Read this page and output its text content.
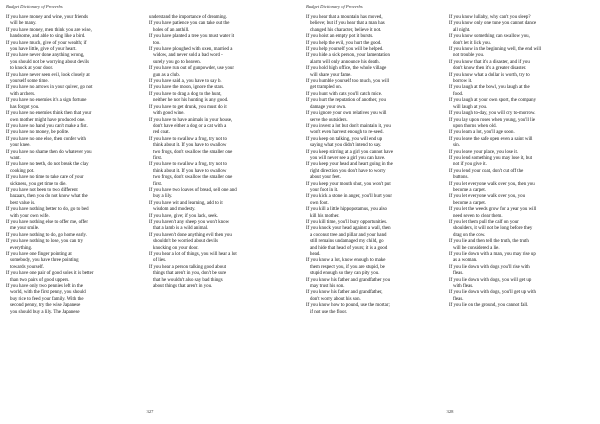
Budget Dictionary of Proverbs
If you have money and wine, your friends
will be many.
If you have money, men think you are wise,
handsome, and able to sing like a bird.
If you have much, give of your wealth; if
you have little, give of your heart.
If you have never done anything wrong,
you should not be worrying about devils
to knock at your door.
If you have never seen evil, look closely at
yourself some time.
If you have no arrows in your quiver, go not
with archers.
If you have no enemies it's a sign fortune
has forgot you.
If you have no enemies think then that your
own mother might have produced one.
If you have no hand you can't make a fist.
If you have no money, be polite.
If you have no one else, then confer with
your knee.
If you have no shame then do whatever you
want.
If you have no teeth, do not break the clay
cooking pot.
If you have no time to take care of your
sickness, you get time to die.
If you have not been to two different
bazaars, then you do not know what the
best value is.
If you have nothing better to do, go to bed
with your own wife.
If you have nothing else to offer me, offer
me your smile.
If you have nothing to do, go home early.
If you have nothing to lose, you can try
everything.
If you have one finger pointing at
somebody, you have three pointing
towards yourself.
If you have one pair of good soles it is better
than two pairs of good uppers.
If you have only two pennies left in the
world, with the first penny, you should
buy rice to feed your family. With the
second penny, try the wise Japanese
you should buy a lily. The Japanese
understand the importance of dreaming.
If you have patience you can take out the
holes of an anthill.
If you have planted a tree you must water it
too.
If you have ploughed with oxen, married a
widow, and never sold a bad word -
surely you go to heaven.
If you have run out of gunpowder, use your
gun as a club.
If you have said a, you have to say b.
If you have the moon, ignore the stars.
If you have to drag a dog to the hunt,
neither he nor his hunting is any good.
If you have to get drunk, you must do it
with good wine.
If you have to have animals in your house,
don't have either a dog or a cat with a
red coat.
If you have to swallow a frog, try not to
think about it. If you have to swallow
two frogs, don't swallow the smaller one
first.
If you have to swallow a frog, try not to
think about it. If you have to swallow
two frogs, don't swallow the smaller one
first.
If you have two loaves of bread, sell one and
buy a lily.
If you have wit and learning, add to it
wisdom and modesty.
If you have, give; if you lack, seek.
If you haven't any sheep you won't know
that a lamb is a wild animal.
If you haven't done anything evil then you
shouldn't be worried about devils
knocking on your door.
If you hear a lot of things, you will hear a lot
of lies.
If you hear a person talking good about
things that aren't in you, don't be sure
that he wouldn't also say bad things
about things that aren't in you.
327
Budget Dictionary of Proverbs
If you hear that a mountain has moved,
believe; but if you hear that a man has
changed his character, believe it not.
If you hoist an empty pot it bursts.
If you help the evil, you hurt the good.
If you help yourself you will be helped.
If you hide a sick person, your lamentation
alarm will only announce his death.
If you hold high office, the whole village
will share your fame.
If you humble yourself too much, you will
get trampled on.
If you hunt with cats you'll catch mice.
If you hurt the reputation of another, you
damage your own.
If you ignore your own relatives you will
serve the outsiders.
If you invest a lot but don't maintain it, you
won't even harvest enough to re-seed.
If you keep on talking, you will end up
saying what you didn't intend to say.
If you keep stirring at a girl you cannot have
you will never see a girl you can have.
If you keep your head and heart going in the
right direction you don't have to worry
about your feet.
If you keep your mouth shut, you won't put
your foot in it.
If you kick a stone in anger, you'll hurt your
own foot.
If you kill a little hippopotamus, you also
kill his mother.
If you kill time, you'll bury opportunities.
If you knock your head against a wall, then
a coconut tree and pillar and your hand
still remains undamaged my child, go
and hide that head of yours; it is a good
head.
If you know a lot, know enough to make
them respect you, if you are stupid, be
stupid enough so they can pity you.
If you know his father and grandfather you
may trust his son.
If you know his father and grandfather,
don't worry about his son.
If you know how to pound, use the mortar;
if not use the floor.
If you know lullaby, why can't you sleep?
If you know only one tune you cannot dance
all night.
If you know something can swallow you,
don't let it lick you.
If you know in the beginning well, the end will
not trouble you.
If you know that it's a disaster, and if you
don't know then it's a greater disaster.
If you know what a dollar is worth, try to
borrow it.
If you laugh at the bowl, you laugh at the
food.
If you laugh at your own sport, the company
will laugh at you.
If you laugh to-day, you will cry to-morrow.
If you lay upon roses when young, you'll lie
upon thorns when old.
If you learn a lot, you'll age soon.
If you leave the safe open even a saint will
sin.
If you leave your place, you lose it.
If you lend something you may lose it, but
not if you give it.
If you lend your coat, don't cut off the
buttons.
If you let everyone walk over you, then you
become a carpet.
If you let everyone walk over you, you
become a carpet.
If you let the weeds grow for a year you will
need seven to clear them.
If you let them pull the calf on your
shoulders, it will not be long before they
drag on the cow.
If you lie and then tell the truth, the truth
will be considered a lie.
If you lie down with a man, you may rise up
as a woman.
If you lie down with dogs you'll rise with
fleas.
If you lie down with dogs, you will get up
with fleas.
If you lie down with dogs, you'll get up with
fleas.
If you lie on the ground, you cannot fall.
328
